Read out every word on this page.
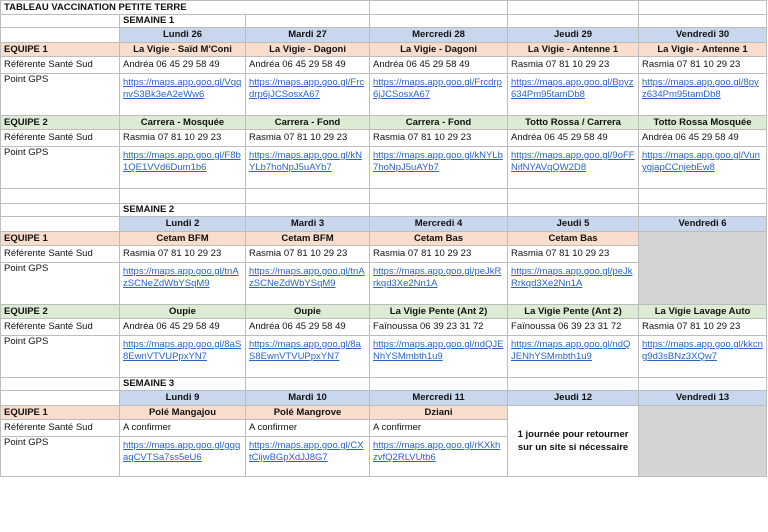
TABLEAU VACCINATION PETITE TERRE					
	SEMAINE 1				
	Lundi 26	Mardi 27	Mercredi 28	Jeudi 29	Vendredi 30
EQUIPE 1	La Vigie - Saïd M'Coni	La Vigie - Dagoni	La Vigie - Dagoni	La Vigie - Antenne 1	La Vigie - Antenne 1
Référente Santé Sud	Andréa 06 45 29 58 49	Andréa 06 45 29 58 49	Andréa 06 45 29 58 49	Rasmia 07 81 10 29 23	Rasmia 07 81 10 29 23
Point GPS	https://maps.app.goo.gl/VqqnvS3Bk3eA2eWw6	https://maps.app.goo.gl/Frcdrp6jJCSosxA67	https://maps.app.goo.gl/Frcdrp6jJCSosxA67	https://maps.app.goo.gl/Bpyz634Pm95tamDb8	https://maps.app.goo.gl/8pyz634Pm95tamDb8
EQUIPE 2	Carrera - Mosquée	Carrera - Fond	Carrera - Fond	Totto Rossa / Carrera	Totto Rossa Mosquée
Référente Santé Sud	Rasmia 07 81 10 29 23	Rasmia 07 81 10 29 23	Rasmia 07 81 10 29 23	Andréa 06 45 29 58 49	Andréa 06 45 29 58 49
Point GPS	https://maps.app.goo.gl/F8b1QE1VVd6Dum1b6	https://maps.app.goo.gl/kNYLb7hoNpJ5uAYb7	https://maps.app.goo.gl/kNYLb7hoNpJ5uAYb7	https://maps.app.goo.gl/9oFFNifNYAVqQW2D8	https://maps.app.goo.gl/VunygjapCCnjebEw8

	SEMAINE 2				
	Lundi 2	Mardi 3	Mercredi 4	Jeudi 5	Vendredi 6
EQUIPE 1	Cetam BFM	Cetam BFM	Cetam Bas	Cetam Bas	
Référente Santé Sud	Rasmia 07 81 10 29 23	Rasmia 07 81 10 29 23	Rasmia 07 81 10 29 23	Rasmia 07 81 10 29 23	
Point GPS	https://maps.app.goo.gl/tnAzSCNeZdWbYSqM9	https://maps.app.goo.gl/tnAzSCNeZdWbYSqM9	https://maps.app.goo.gl/peJkRrkqd3Xe2Nn1A	https://maps.app.goo.gl/peJkRrkqd3Xe2Nn1A	
EQUIPE 2	Oupie	Oupie	La Vigie Pente (Ant 2)	La Vigie Pente (Ant 2)	La Vigie Lavage Auto
Référente Santé Sud	Andréa 06 45 29 58 49	Andréa 06 45 29 58 49	Faïnoussa 06 39 23 31 72	Faïnoussa 06 39 23 31 72	Rasmia 07 81 10 29 23
Point GPS	https://maps.app.goo.gl/8aS8EwnVTVUPpxYN7	https://maps.app.goo.gl/8aS8EwnVTVUPpxYN7	https://maps.app.goo.gl/ndQJENhYSMmbth1u9	https://maps.app.goo.gl/ndQJENhYSMmbth1u9	https://maps.app.goo.gl/kkcng9d3sBNz3XQw7
	SEMAINE 3				
	Lundi 9	Mardi 10	Mercredi 11	Jeudi 12	Vendredi 13
EQUIPE 1	Polé Mangajou	Polé Mangrove	Dziani	1 journée pour retourner sur un site si nécessaire	
Référente Santé Sud	A confirmer	A confirmer	A confirmer		
Point GPS	https://maps.app.goo.gl/gqqaqCVTSa7ss5eU6	https://maps.app.goo.gl/CXtCijwBGpXdJJ8G7	https://maps.app.goo.gl/rKXkhzvfQ2RLVUtb6		
